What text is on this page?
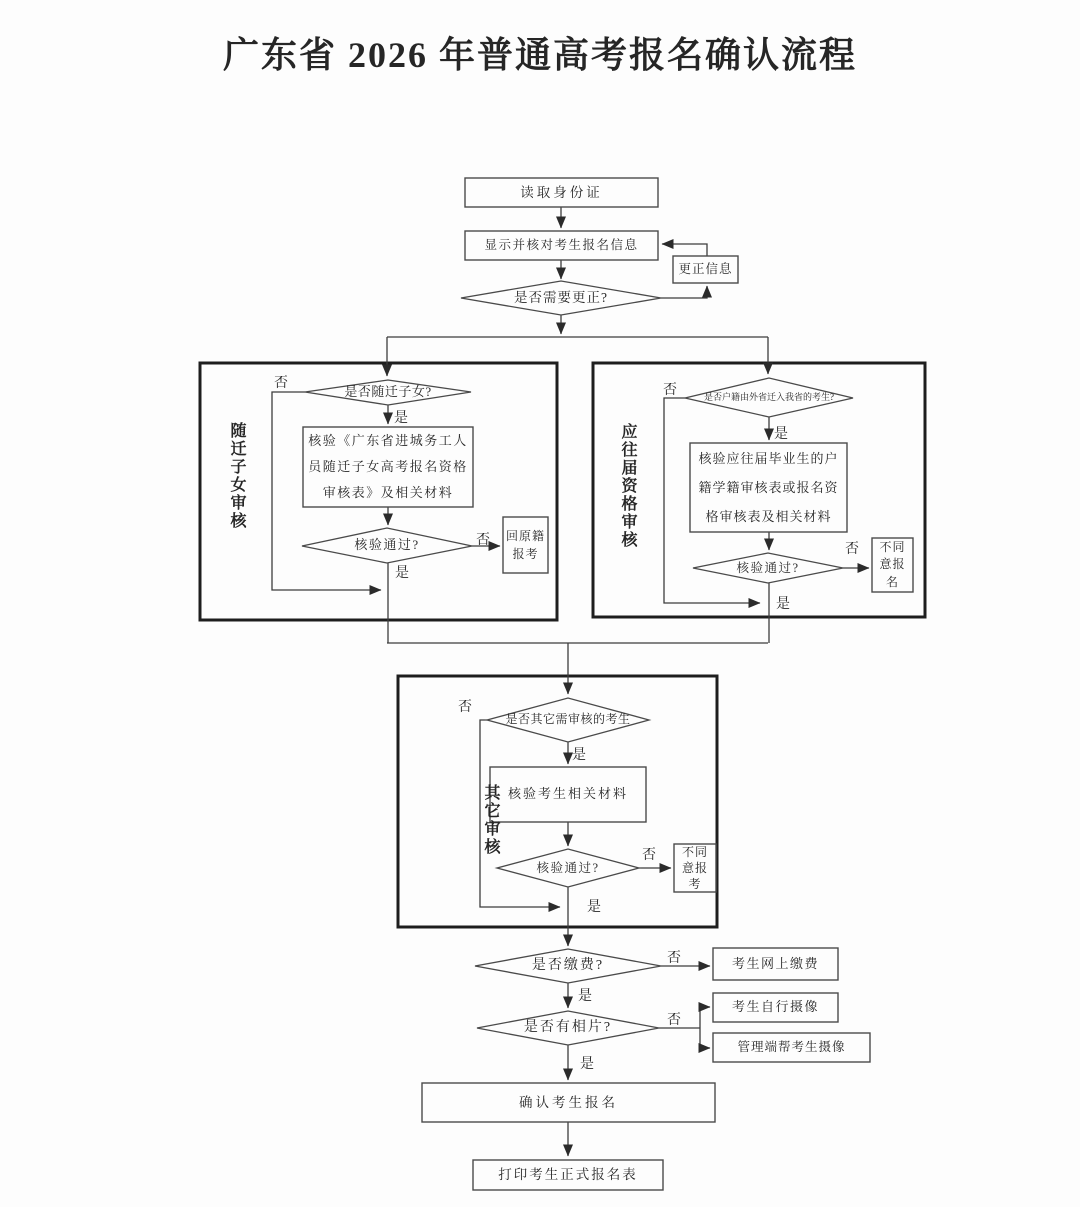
广东省 2026 年普通高考报名确认流程
读取身份证
显示并核对考生报名信息
更正信息
是否需要更正?
是否随迁子女?
核验《广东省进城务工人员随迁子女高考报名资格审核表》及相关材料
核验通过?
回原籍报考
是否户籍由外省迁入我省的考生?
核验应往届毕业生的户籍学籍审核表或报名资格审核表及相关材料
核验通过?
不同意报名
是否其它需审核的考生
核验考生相关材料
核验通过?
不同意报考
是否缴费?	考生网上缴费
是否有相片?
考生自行摄像
管理端帮考生摄像
确认考生报名
打印考生正式报名表
随迁子女审核	应往届资格审核
其它审核
否
是
否
是
否
是
否
是
否
是
否
是
否
是
否
是
